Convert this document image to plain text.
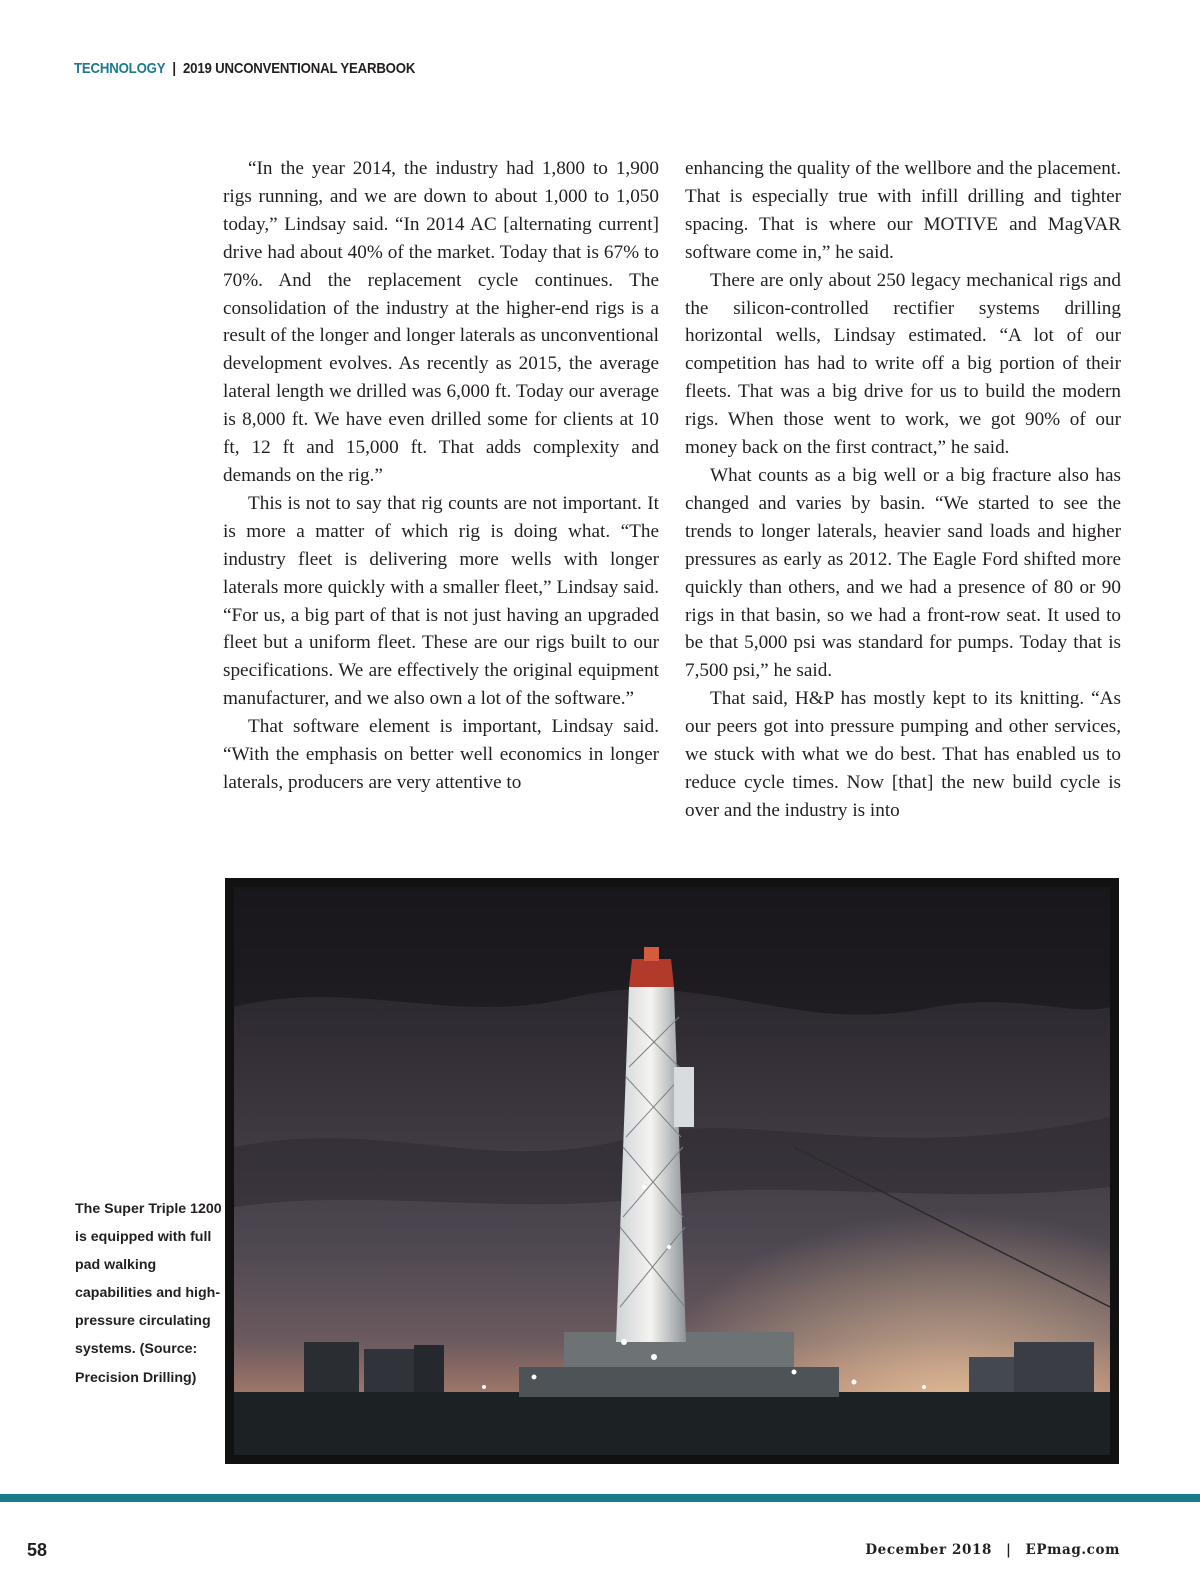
TECHNOLOGY | 2019 UNCONVENTIONAL YEARBOOK

“In the year 2014, the industry had 1,800 to 1,900 rigs running, and we are down to about 1,000 to 1,050 today,” Lindsay said. “In 2014 AC [alternating current] drive had about 40% of the market. Today that is 67% to 70%. And the replacement cycle continues. The consolidation of the industry at the higher-end rigs is a result of the longer and longer laterals as unconventional development evolves. As recently as 2015, the average lateral length we drilled was 6,000 ft. Today our average is 8,000 ft. We have even drilled some for clients at 10 ft, 12 ft and 15,000 ft. That adds complexity and demands on the rig.”

This is not to say that rig counts are not important. It is more a matter of which rig is doing what. “The industry fleet is delivering more wells with longer laterals more quickly with a smaller fleet,” Lindsay said. “For us, a big part of that is not just having an upgraded fleet but a uniform fleet. These are our rigs built to our specifications. We are effectively the original equipment manufacturer, and we also own a lot of the software.”

That software element is important, Lindsay said. “With the emphasis on better well economics in longer laterals, producers are very attentive to

enhancing the quality of the wellbore and the placement. That is especially true with infill drilling and tighter spacing. That is where our MOTIVE and MagVAR software come in,” he said.

There are only about 250 legacy mechanical rigs and the silicon-controlled rectifier systems drilling horizontal wells, Lindsay estimated. “A lot of our competition has had to write off a big portion of their fleets. That was a big drive for us to build the modern rigs. When those went to work, we got 90% of our money back on the first contract,” he said.

What counts as a big well or a big fracture also has changed and varies by basin. “We started to see the trends to longer laterals, heavier sand loads and higher pressures as early as 2012. The Eagle Ford shifted more quickly than others, and we had a presence of 80 or 90 rigs in that basin, so we had a front-row seat. It used to be that 5,000 psi was standard for pumps. Today that is 7,500 psi,” he said.

That said, H&P has mostly kept to its knitting. “As our peers got into pressure pumping and other services, we stuck with what we do best. That has enabled us to reduce cycle times. Now [that] the new build cycle is over and the industry is into

The Super Triple 1200 is equipped with full pad walking capabilities and high-pressure circulating systems. (Source: Precision Drilling)
58	December 2018 | EPmag.com
